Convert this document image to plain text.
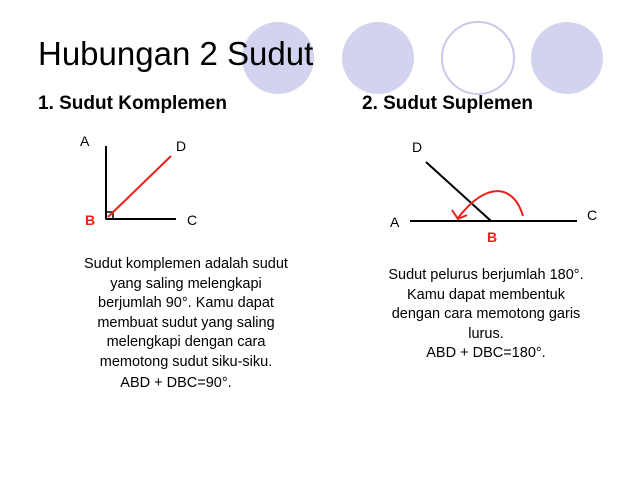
Hubungan 2 Sudut
1. Sudut Komplemen	2. Sudut Suplemen
A	D
B	C
D
A	C
B
Sudut komplemen adalah sudut
yang saling melengkapi
berjumlah 90°. Kamu dapat
membuat sudut yang saling
melengkapi dengan cara
memotong sudut siku-siku.
ABD + DBC=90°.
Sudut pelurus berjumlah 180°.
Kamu dapat membentuk
dengan cara memotong garis
lurus.
ABD + DBC=180°.
